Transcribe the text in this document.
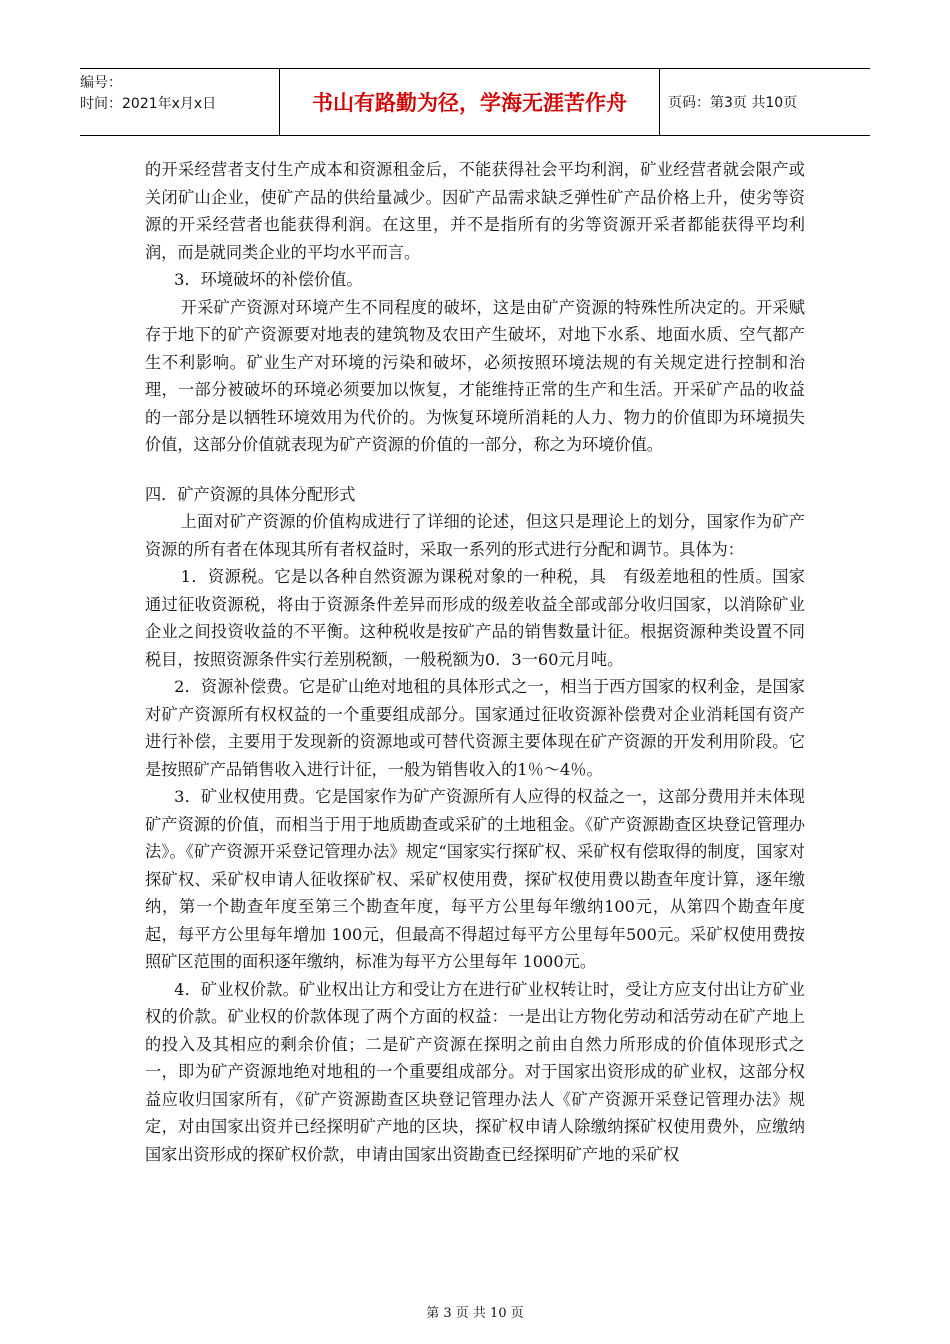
编号：
时间：2021年x月x日	书山有路勤为径，学海无涯苦作舟	页码：第3页 共10页

的开采经营者支付生产成本和资源租金后，不能获得社会平均利润，矿业经营者就会限产或关闭矿山企业，使矿产品的供给量减少。因矿产品需求缺乏弹性矿产品价格上升，使劣等资源的开采经营者也能获得利润。在这里，并不是指所有的劣等资源开采者都能获得平均利润，而是就同类企业的平均水平而言。

3．环境破坏的补偿价值。

开采矿产资源对环境产生不同程度的破坏，这是由矿产资源的特殊性所决定的。开采赋存于地下的矿产资源要对地表的建筑物及农田产生破坏，对地下水系、地面水质、空气都产生不利影响。矿业生产对环境的污染和破坏，必须按照环境法规的有关规定进行控制和治理，一部分被破坏的环境必须要加以恢复，才能维持正常的生产和生活。开采矿产品的收益的一部分是以牺牲环境效用为代价的。为恢复环境所消耗的人力、物力的价值即为环境损失价值，这部分价值就表现为矿产资源的价值的一部分，称之为环境价值。

四．矿产资源的具体分配形式

上面对矿产资源的价值构成进行了详细的论述，但这只是理论上的划分，国家作为矿产资源的所有者在体现其所有者权益时，采取一系列的形式进行分配和调节。具体为：

1．资源税。它是以各种自然资源为课税对象的一种税，具　有级差地租的性质。国家通过征收资源税，将由于资源条件差异而形成的级差收益全部或部分收归国家，以消除矿业企业之间投资收益的不平衡。这种税收是按矿产品的销售数量计征。根据资源种类设置不同税目，按照资源条件实行差别税额，一般税额为0．3一60元月吨。

2．资源补偿费。它是矿山绝对地租的具体形式之一，相当于西方国家的权利金，是国家对矿产资源所有权权益的一个重要组成部分。国家通过征收资源补偿费对企业消耗国有资产进行补偿，主要用于发现新的资源地或可替代资源主要体现在矿产资源的开发利用阶段。它是按照矿产品销售收入进行计征，一般为销售收入的1％～4％。

3．矿业权使用费。它是国家作为矿产资源所有人应得的权益之一，这部分费用并未体现矿产资源的价值，而相当于用于地质勘查或采矿的土地租金。《矿产资源勘查区块登记管理办法》。《矿产资源开采登记管理办法》规定“国家实行探矿权、采矿权有偿取得的制度，国家对探矿权、采矿权申请人征收探矿权、采矿权使用费，探矿权使用费以勘查年度计算，逐年缴纳，第一个勘查年度至第三个勘查年度，每平方公里每年缴纳100元，从第四个勘查年度起，每平方公里每年增加 100元，但最高不得超过每平方公里每年500元。采矿权使用费按照矿区范围的面积逐年缴纳，标准为每平方公里每年 1000元。

4．矿业权价款。矿业权出让方和受让方在进行矿业权转让时，受让方应支付出让方矿业权的价款。矿业权的价款体现了两个方面的权益：一是出让方物化劳动和活劳动在矿产地上的投入及其相应的剩余价值；二是矿产资源在探明之前由自然力所形成的价值体现形式之一，即为矿产资源地绝对地租的一个重要组成部分。对于国家出资形成的矿业权，这部分权益应收归国家所有，《矿产资源勘查区块登记管理办法人《矿产资源开采登记管理办法》规定，对由国家出资并已经探明矿产地的区块，探矿权申请人除缴纳探矿权使用费外，应缴纳国家出资形成的探矿权价款，申请由国家出资勘查已经探明矿产地的采矿权

第 3 页 共 10 页
